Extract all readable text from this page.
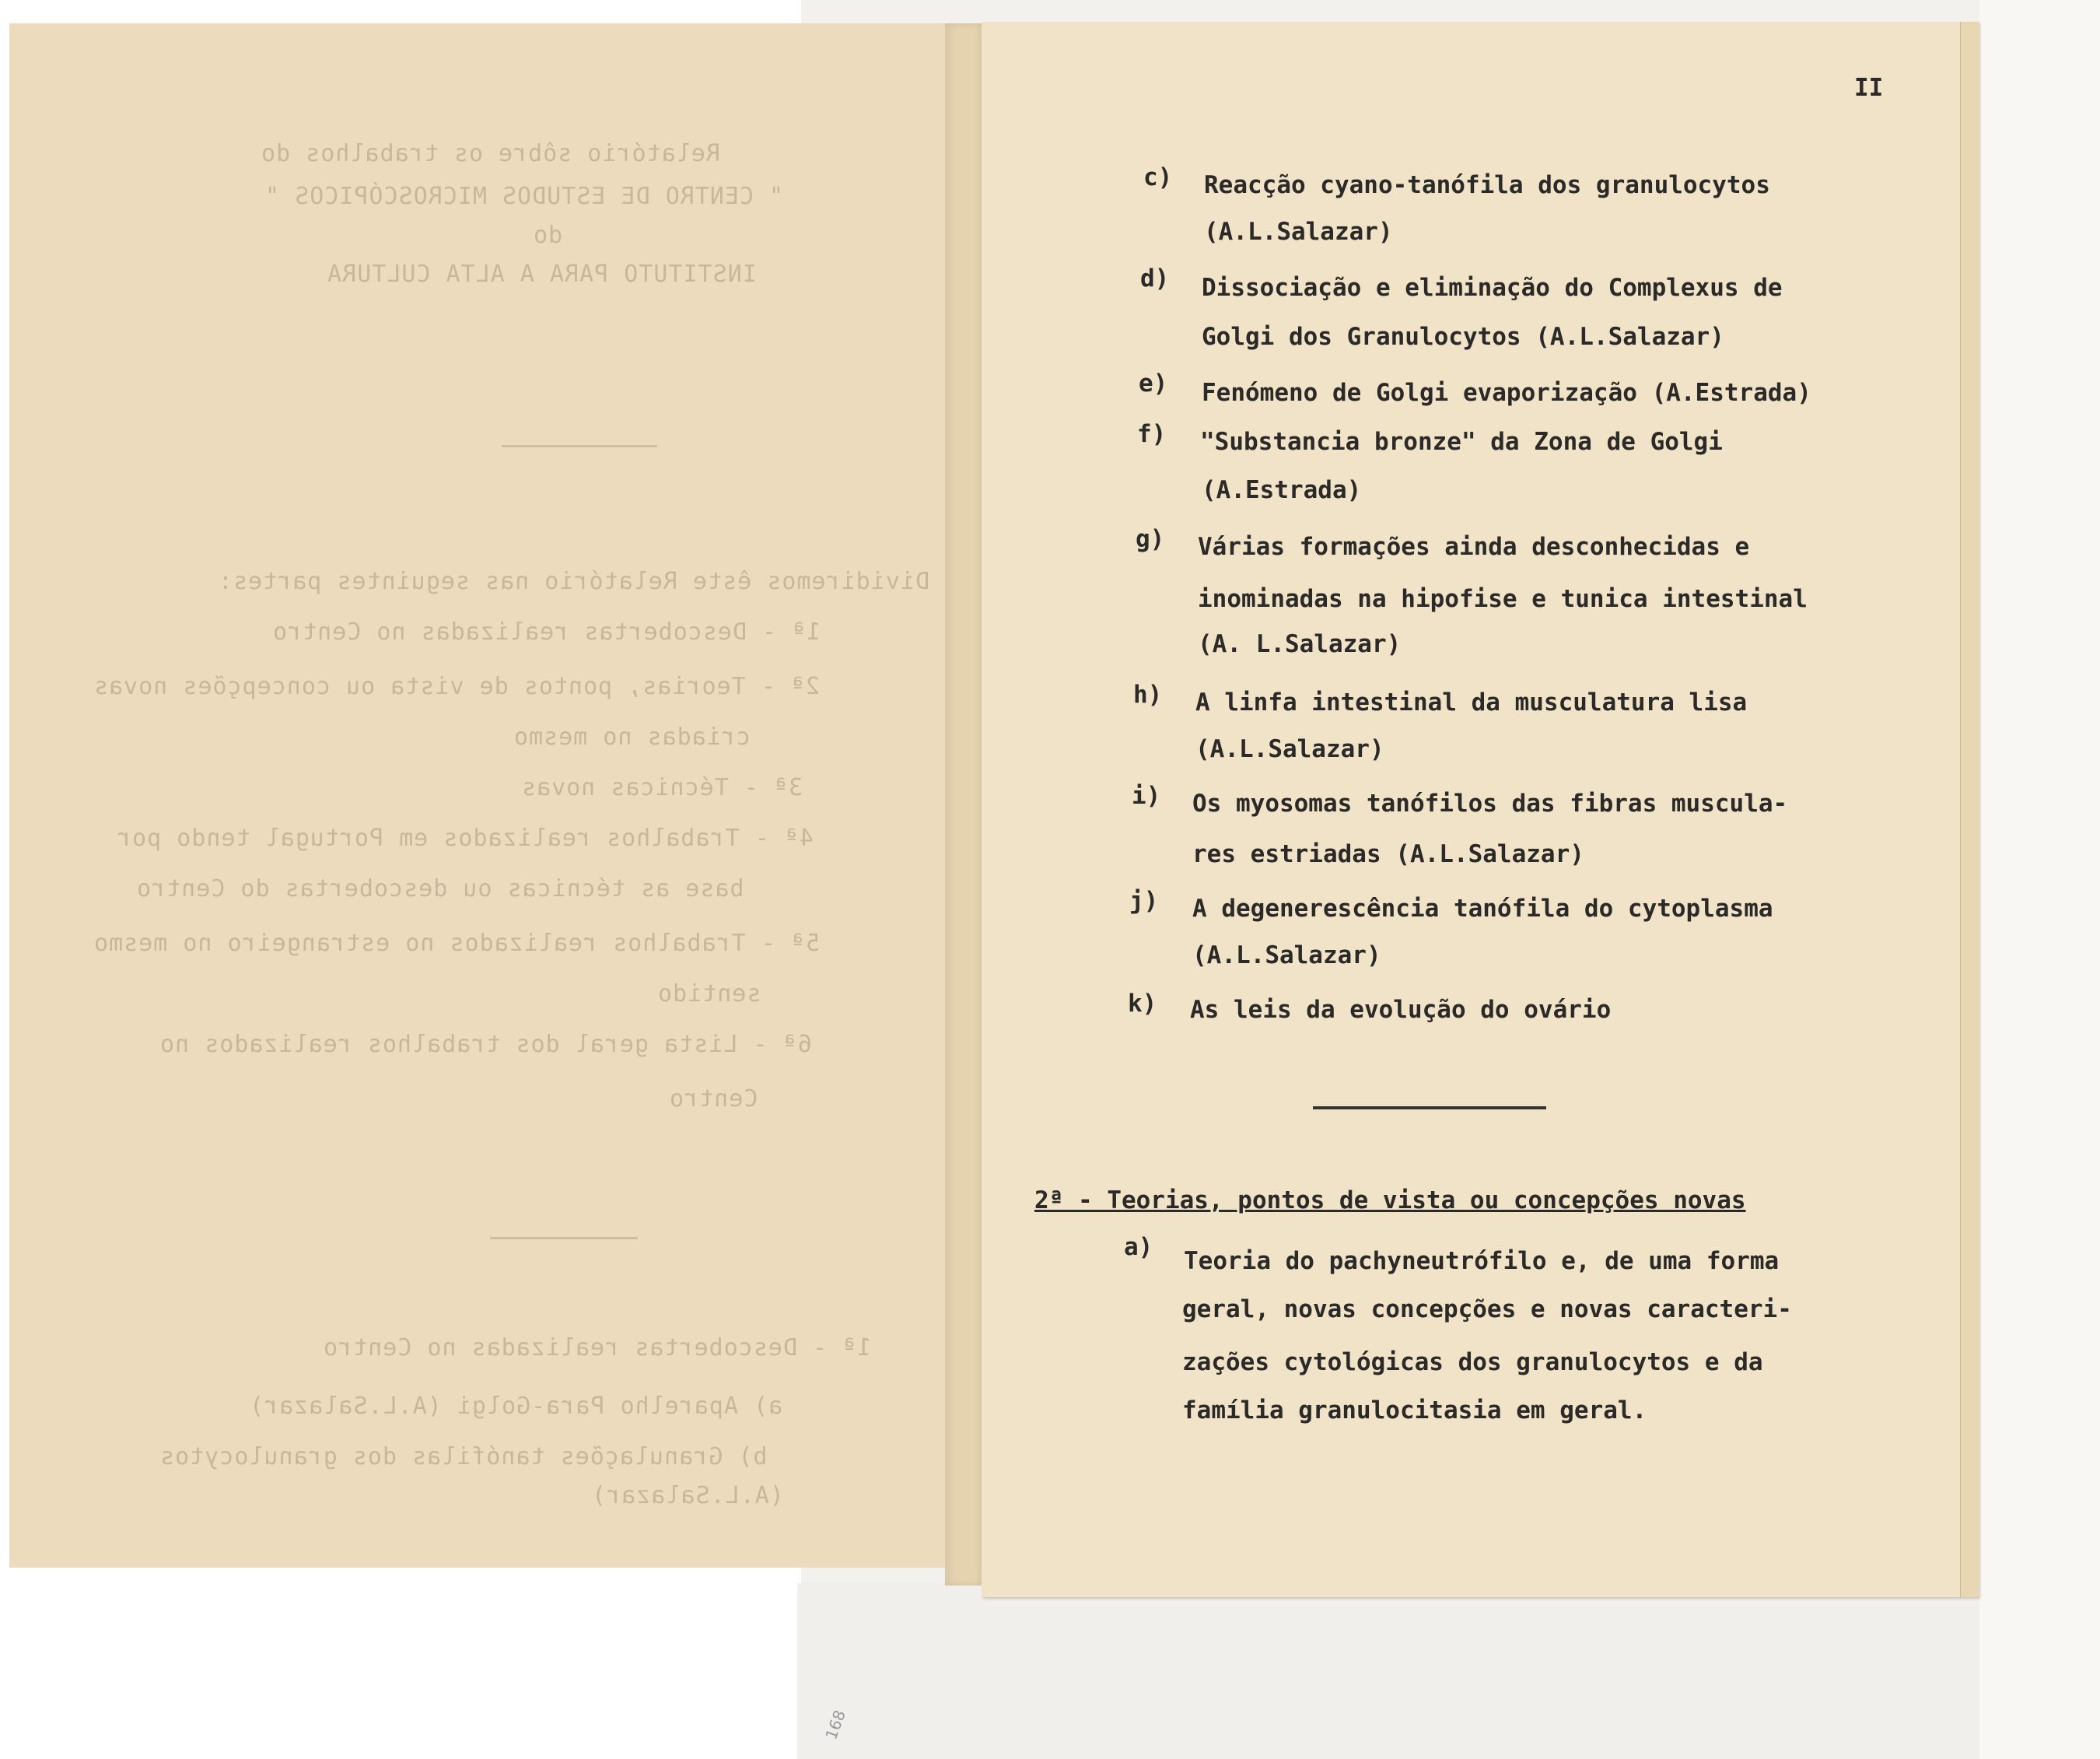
Relatório sôbre os trabalhos do
" CENTRO DE ESTUDOS MICROSCÓPICOS "
do
INSTITUTO PARA A ALTA CULTURA
Dividiremos êste Relatório nas seguintes partes:
1ª - Descobertas realizadas no Centro
2ª - Teorias, pontos de vista ou concepções novas
criadas no mesmo
3ª - Técnicas novas
4ª - Trabalhos realizados em Portugal tendo por
base as técnicas ou descobertas do Centro
5ª - Trabalhos realizados no estrangeiro no mesmo
sentido
6ª - Lista geral dos trabalhos realizados no
Centro
1ª - Descobertas realizadas no Centro
a) Aparelho Para-Golgi (A.L.Salazar)
b) Granulações tanófilas dos granulocytos
(A.L.Salazar)
II
c) Reacção cyano-tanófila dos granulocytos
(A.L.Salazar)
d) Dissociação e eliminação do Complexus de
Golgi dos Granulocytos (A.L.Salazar)
e) Fenómeno de Golgi evaporização (A.Estrada)
f) "Substancia bronze" da Zona de Golgi
(A.Estrada)
g) Várias formações ainda desconhecidas e
inominadas na hipofise e tunica intestinal
(A. L.Salazar)
h) A linfa intestinal da musculatura lisa
(A.L.Salazar)
i) Os myosomas tanófilos das fibras muscula-
res estriadas (A.L.Salazar)
j) A degenerescência tanófila do cytoplasma
(A.L.Salazar)
k) As leis da evolução do ovário
2ª - Teorias, pontos de vista ou concepções novas
a) Teoria do pachyneutrófilo e, de uma forma
geral, novas concepções e novas caracteri-
zações cytológicas dos granulocytos e da
família granulocitasia em geral.
168
